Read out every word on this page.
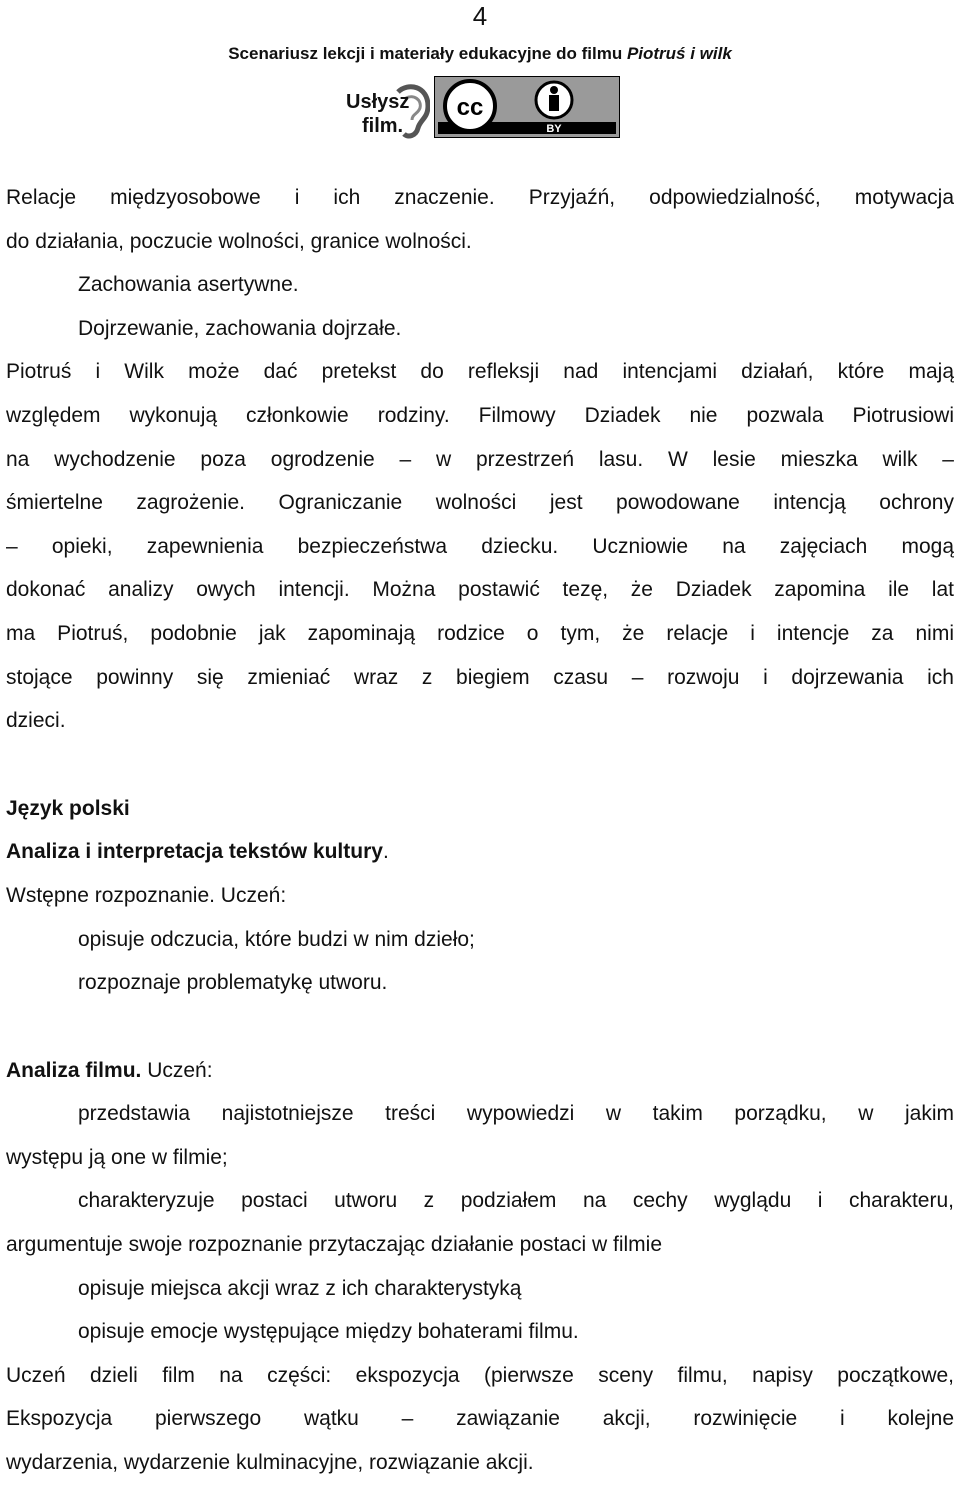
4
Scenariusz lekcji i materiały edukacyjne do filmu Piotruś i wilk
Usłysz
film.
cc
BY
Relacje międzyosobowe i ich znaczenie. Przyjaźń, odpowiedzialność, motywacja
do działania, poczucie wolności, granice wolności.
Zachowania asertywne.
Dojrzewanie, zachowania dojrzałe.
Piotruś i Wilk może dać pretekst do refleksji nad intencjami działań, które mają
względem wykonują członkowie rodziny. Filmowy Dziadek nie pozwala Piotrusiowi
na wychodzenie poza ogrodzenie – w przestrzeń lasu. W lesie mieszka wilk –
śmiertelne zagrożenie. Ograniczanie wolności jest powodowane intencją ochrony
– opieki, zapewnienia bezpieczeństwa dziecku. Uczniowie na zajęciach mogą
dokonać analizy owych intencji. Można postawić tezę, że Dziadek zapomina ile lat
ma Piotruś, podobnie jak zapominają rodzice o tym, że relacje i intencje za nimi
stojące powinny się zmieniać wraz z biegiem czasu – rozwoju i dojrzewania ich
dzieci.
Język polski
Analiza i interpretacja tekstów kultury.
Wstępne rozpoznanie. Uczeń:
opisuje odczucia, które budzi w nim dzieło;
rozpoznaje problematykę utworu.
Analiza filmu. Uczeń:
przedstawia najistotniejsze treści wypowiedzi w takim porządku, w jakim
występu ją one w filmie;
charakteryzuje postaci utworu z podziałem na cechy wyglądu i charakteru,
argumentuje swoje rozpoznanie przytaczając działanie postaci w filmie
opisuje miejsca akcji wraz z ich charakterystyką
opisuje emocje występujące między bohaterami filmu.
Uczeń dzieli film na części: ekspozycja (pierwsze sceny filmu, napisy początkowe,
Ekspozycja pierwszego wątku – zawiązanie akcji, rozwinięcie i kolejne
wydarzenia, wydarzenie kulminacyjne, rozwiązanie akcji.
